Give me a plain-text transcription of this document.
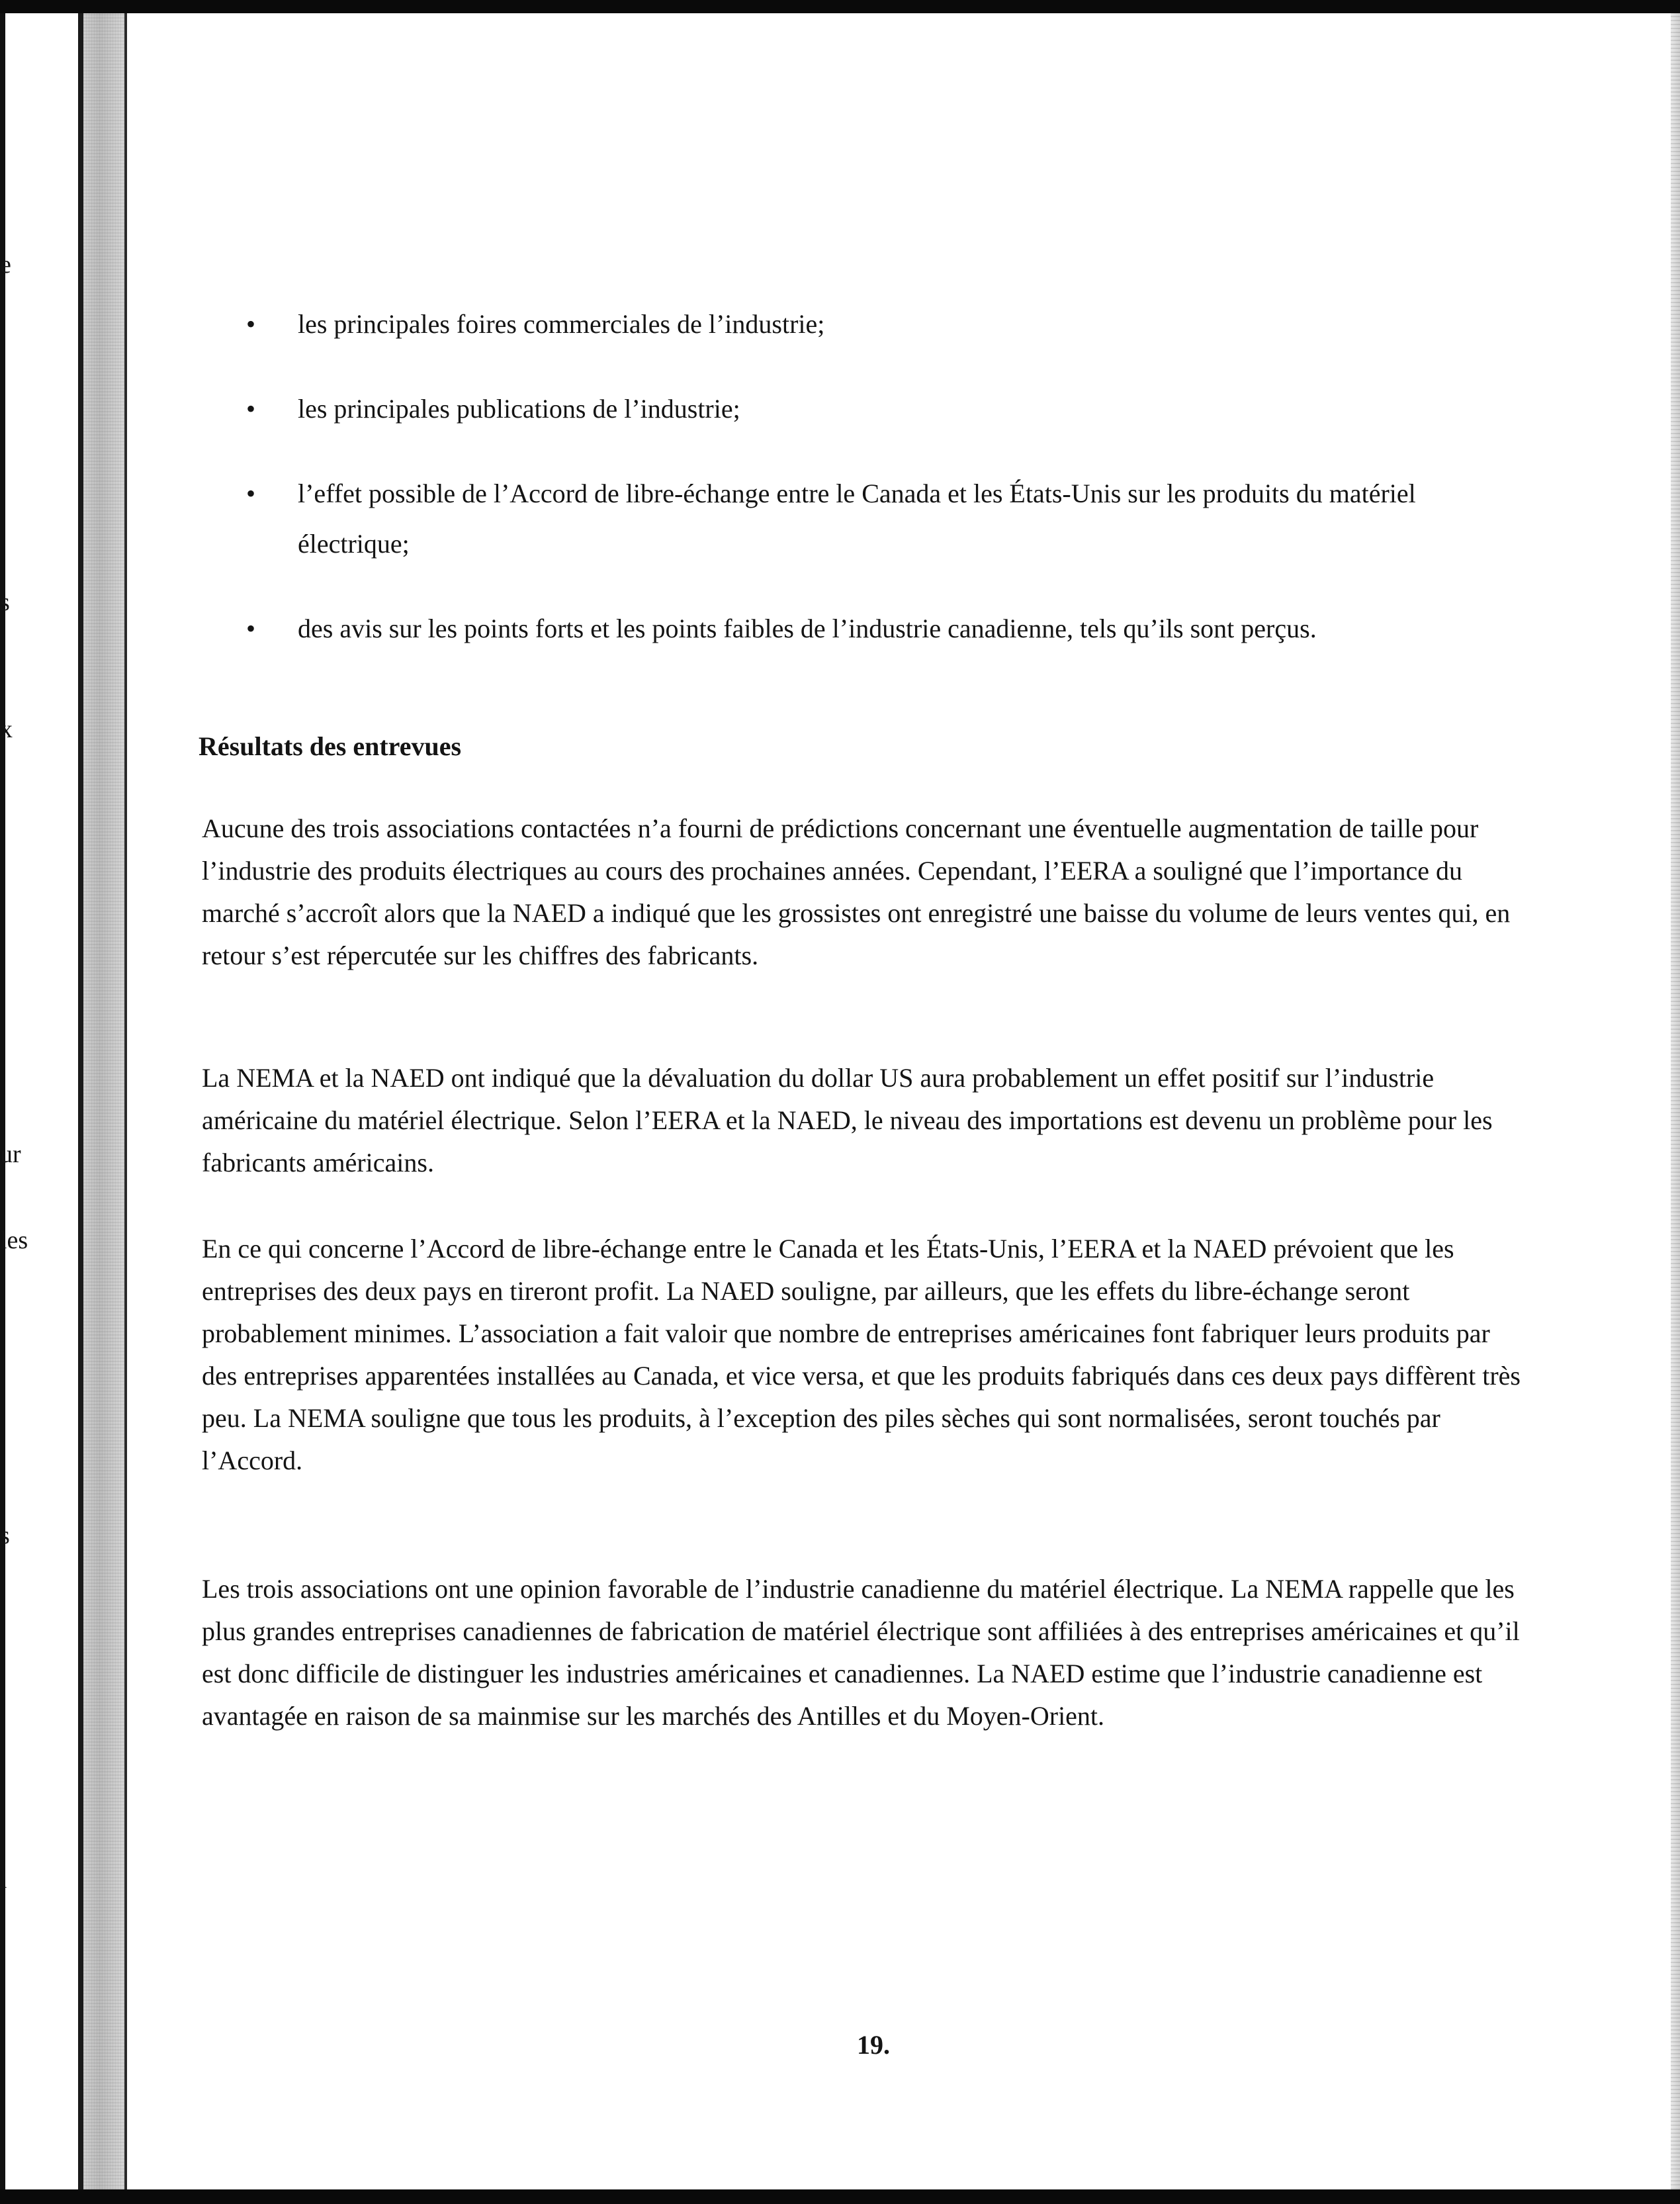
e
s
x
ur
les
s
l
• les principales foires commerciales de l’industrie;
• les principales publications de l’industrie;
• l’effet possible de l’Accord de libre-échange entre le Canada et les États-Unis sur les produits du matériel électrique;
• des avis sur les points forts et les points faibles de l’industrie canadienne, tels qu’ils sont perçus.
Résultats des entrevues

Aucune des trois associations contactées n’a fourni de prédictions concernant une éventuelle augmentation de taille pour l’industrie des produits électriques au cours des prochaines années. Cependant, l’EERA a souligné que l’importance du marché s’accroît alors que la NAED a indiqué que les grossistes ont enregistré une baisse du volume de leurs ventes qui, en retour s’est répercutée sur les chiffres des fabricants.

La NEMA et la NAED ont indiqué que la dévaluation du dollar US aura probablement un effet positif sur l’industrie américaine du matériel électrique. Selon l’EERA et la NAED, le niveau des importations est devenu un problème pour les fabricants américains.

En ce qui concerne l’Accord de libre-échange entre le Canada et les États-Unis, l’EERA et la NAED prévoient que les entreprises des deux pays en tireront profit. La NAED souligne, par ailleurs, que les effets du libre-échange seront probablement minimes. L’association a fait valoir que nombre de entreprises américaines font fabriquer leurs produits par des entreprises apparentées installées au Canada, et vice versa, et que les produits fabriqués dans ces deux pays diffèrent très peu. La NEMA souligne que tous les produits, à l’exception des piles sèches qui sont normalisées, seront touchés par l’Accord.

Les trois associations ont une opinion favorable de l’industrie canadienne du matériel électrique. La NEMA rappelle que les plus grandes entreprises canadiennes de fabrication de matériel électrique sont affiliées à des entreprises américaines et qu’il est donc difficile de distinguer les industries américaines et canadiennes. La NAED estime que l’industrie canadienne est avantagée en raison de sa mainmise sur les marchés des Antilles et du Moyen-Orient.

19.
